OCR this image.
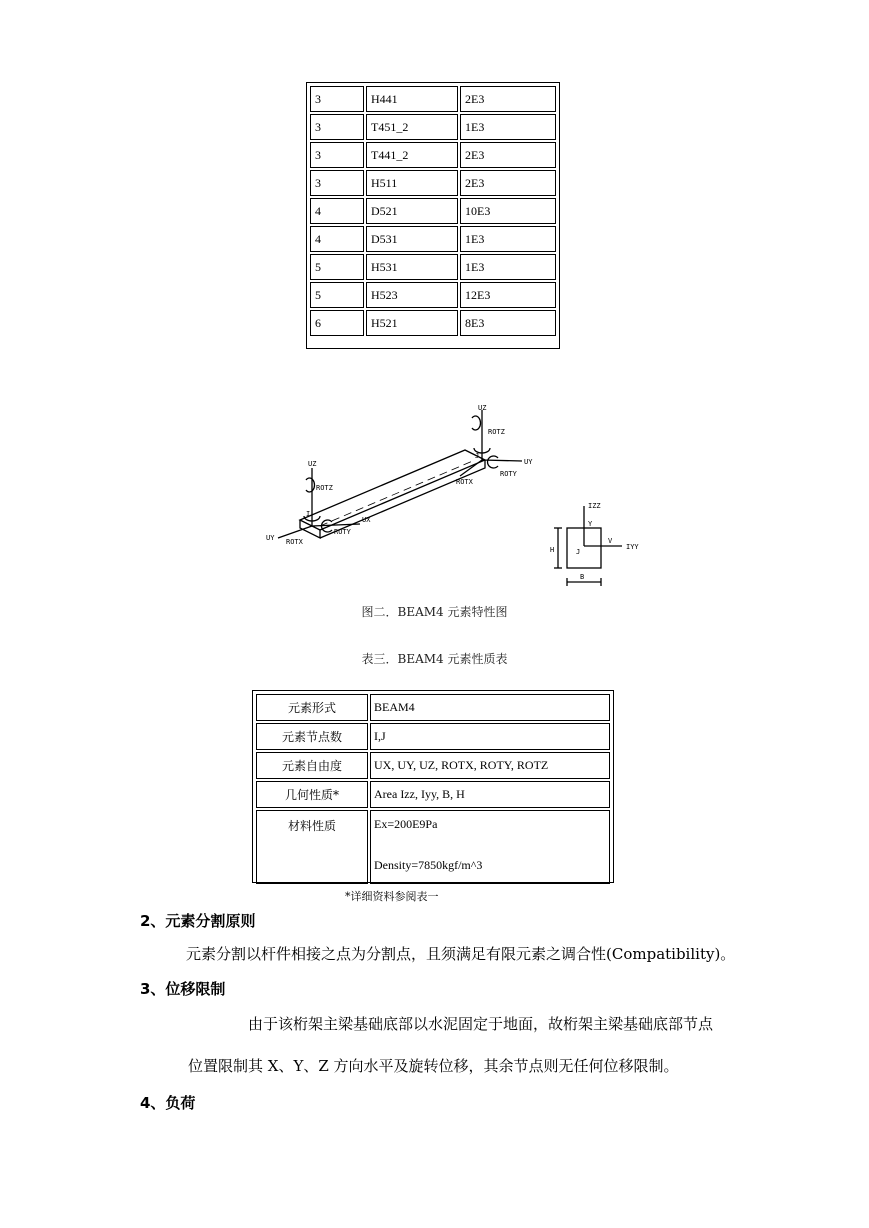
3	H441	2E3
3	T451_2	1E3
3	T441_2	2E3
3	H511	2E3
4	D521	10E3
4	D531	1E3
5	H531	1E3
5	H523	12E3
6	H521	8E3
UZ
ROTZ
UX
UY ROTX
ROTY
I
UZ
ROTZ
UY
ROTX
ROTY
J
IZZ
Y
H	J
V
IYY
B
图二．BEAM4 元素特性图
表三．BEAM4 元素性质表
元素形式	BEAM4
元素节点数	I,J
元素自由度	UX, UY, UZ, ROTX, ROTY, ROTZ
几何性质*	Area Izz, Iyy, B, H
材料性质	Ex=200E9Pa
Density=7850kgf/m^3
*详细资料参阅表一
2、元素分割原则
元素分割以杆件相接之点为分割点，且须满足有限元素之调合性(Compatibility)。
3、位移限制
由于该桁架主梁基础底部以水泥固定于地面，故桁架主梁基础底部节点
位置限制其 X、Y、Z 方向水平及旋转位移，其余节点则无任何位移限制。
4、负荷
